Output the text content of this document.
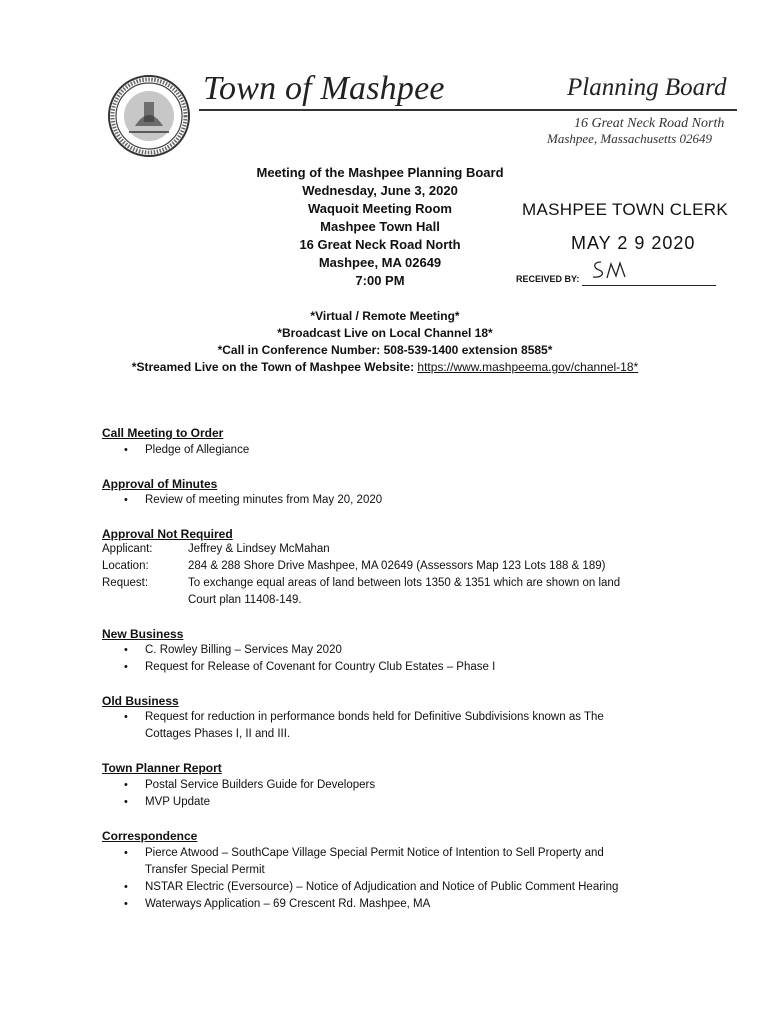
Town of Mashpee	Planning Board
16 Great Neck Road North
Mashpee, Massachusetts 02649
Meeting of the Mashpee Planning Board
Wednesday, June 3, 2020
Waquoit Meeting Room
Mashpee Town Hall
16 Great Neck Road North
Mashpee, MA 02649
7:00 PM
MASHPEE TOWN CLERK
MAY 2 9 2020
RECEIVED BY:
*Virtual / Remote Meeting*
*Broadcast Live on Local Channel 18*
*Call in Conference Number: 508-539-1400 extension 8585*
*Streamed Live on the Town of Mashpee Website: https://www.mashpeema.gov/channel-18*
Call Meeting to Order
• Pledge of Allegiance
Approval of Minutes
• Review of meeting minutes from May 20, 2020
Approval Not Required
Applicant:	Jeffrey & Lindsey McMahan
Location:	284 & 288 Shore Drive Mashpee, MA 02649 (Assessors Map 123 Lots 188 & 189)
Request:	To exchange equal areas of land between lots 1350 & 1351 which are shown on land
Court plan 11408-149.
New Business
• C. Rowley Billing – Services May 2020
• Request for Release of Covenant for Country Club Estates – Phase I
Old Business
• Request for reduction in performance bonds held for Definitive Subdivisions known as The
Cottages Phases I, II and III.
Town Planner Report
• Postal Service Builders Guide for Developers
• MVP Update
Correspondence
• Pierce Atwood – SouthCape Village Special Permit Notice of Intention to Sell Property and
Transfer Special Permit
• NSTAR Electric (Eversource) – Notice of Adjudication and Notice of Public Comment Hearing
• Waterways Application – 69 Crescent Rd. Mashpee, MA
